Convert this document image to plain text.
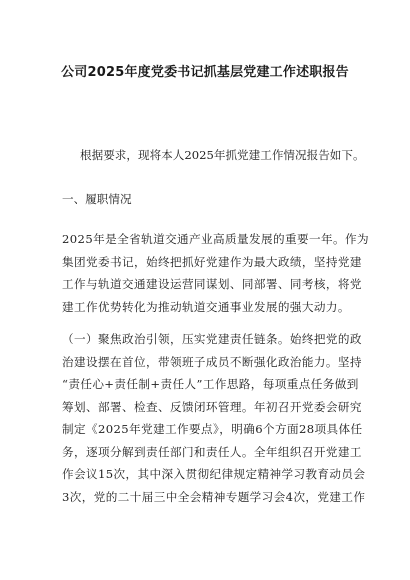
公司2025年度党委书记抓基层党建工作述职报告

根据要求，现将本人2025年抓党建工作情况报告如下。

一、履职情况

2025年是全省轨道交通产业高质量发展的重要一年。作为
集团党委书记，始终把抓好党建作为最大政绩，坚持党建
工作与轨道交通建设运营同谋划、同部署、同考核，将党
建工作优势转化为推动轨道交通事业发展的强大动力。
（一）聚焦政治引领，压实党建责任链条。始终把党的政
治建设摆在首位，带领班子成员不断强化政治能力。坚持
“责任心+责任制+责任人”工作思路，每项重点任务做到
筹划、部署、检查、反馈闭环管理。年初召开党委会研究
制定《2025年党建工作要点》，明确6个方面28项具体任
务，逐项分解到责任部门和责任人。全年组织召开党建工
作会议15次，其中深入贯彻纪律规定精神学习教育动员会
3次，党的二十届三中全会精神专题学习会4次，党建工作
